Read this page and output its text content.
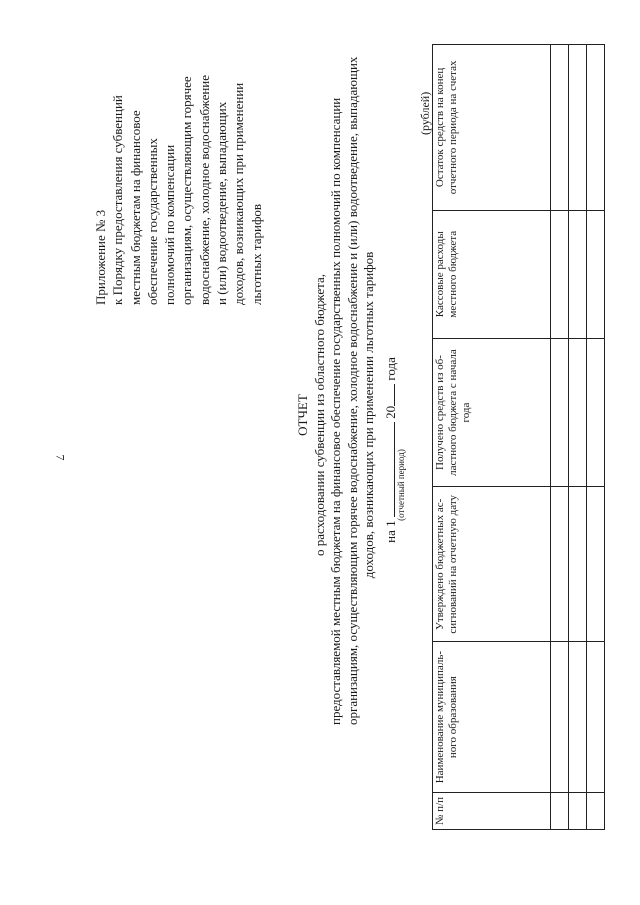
7
Приложение № 3 к Порядку предоставления субвенций местным бюджетам на финансовое обеспечение государственных полномочий по компенсации организациям, осуществляющим горячее водоснабжение, холодное водоснабжение и (или) водоотведение, выпадающих доходов, возникающих при применении льготных тарифов
ОТЧЕТ о расходовании субвенции из областного бюджета, предоставляемой местным бюджетам на финансовое обеспечение государственных полномочий по компенсации организациям, осуществляющим горячее водоснабжение, холодное водоснабжение и (или) водоотведение, выпадающих доходов, возникающих при применении льготных тарифов на 1  20 года
(отчетный период)
(рублей)
№ п/п	Наименование муниципаль-ного образования	Утверждено бюджетных ас-сигнований на отчетную дату	Получено средств из об-ластного бюджета с начала года	Кассовые расходы местного бюджета	Остаток средств на конец отчетного периода на счетах
